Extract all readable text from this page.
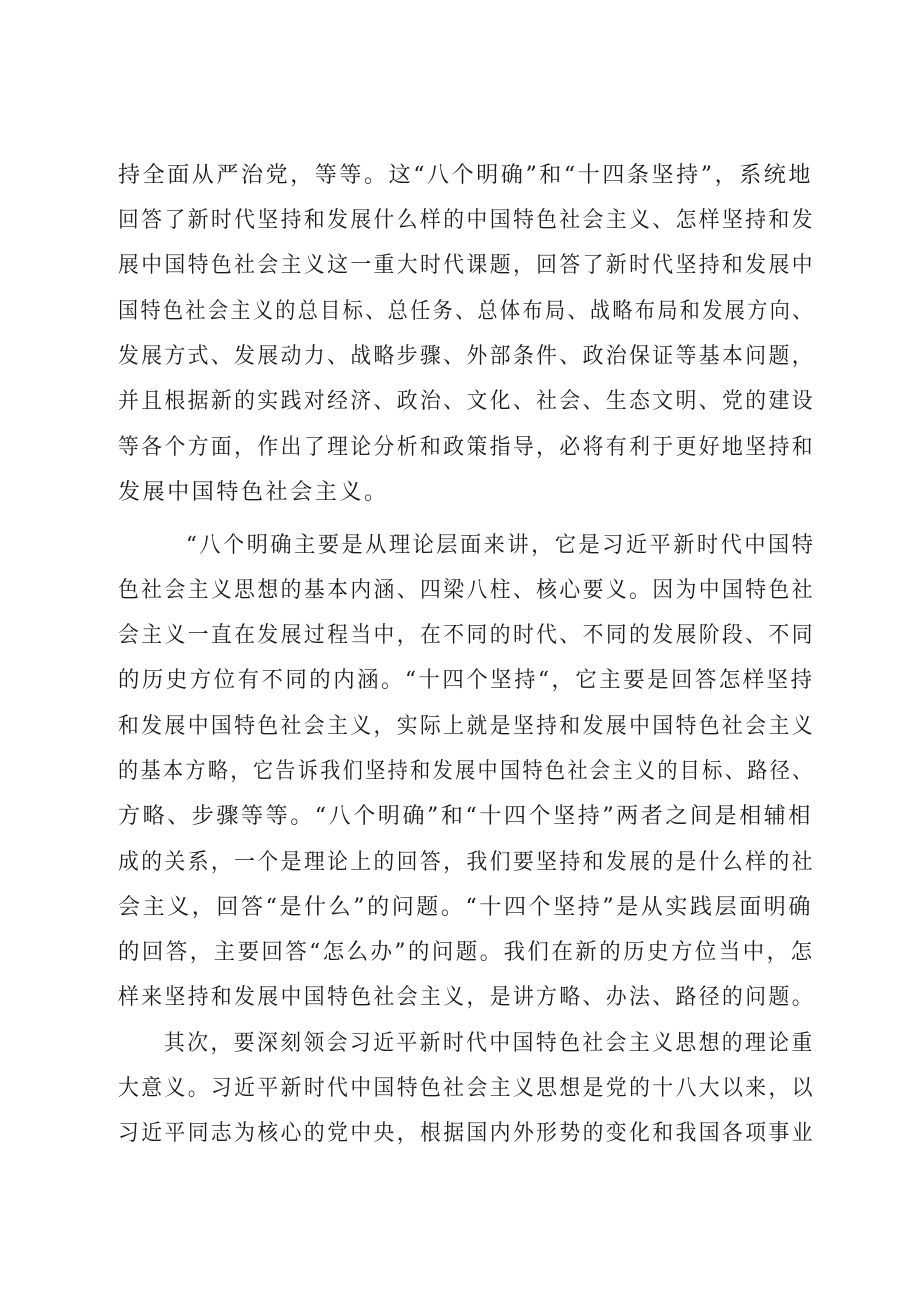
持全面从严治党，等等。这“八个明确”和“十四条坚持”，系统地
回答了新时代坚持和发展什么样的中国特色社会主义、怎样坚持和发
展中国特色社会主义这一重大时代课题，回答了新时代坚持和发展中
国特色社会主义的总目标、总任务、总体布局、战略布局和发展方向、
发展方式、发展动力、战略步骤、外部条件、政治保证等基本问题，
并且根据新的实践对经济、政治、文化、社会、生态文明、党的建设
等各个方面，作出了理论分析和政策指导，必将有利于更好地坚持和
发展中国特色社会主义。
“八个明确主要是从理论层面来讲，它是习近平新时代中国特
色社会主义思想的基本内涵、四梁八柱、核心要义。因为中国特色社
会主义一直在发展过程当中，在不同的时代、不同的发展阶段、不同
的历史方位有不同的内涵。“十四个坚持“，它主要是回答怎样坚持
和发展中国特色社会主义，实际上就是坚持和发展中国特色社会主义
的基本方略，它告诉我们坚持和发展中国特色社会主义的目标、路径、
方略、步骤等等。“八个明确”和“十四个坚持”两者之间是相辅相
成的关系，一个是理论上的回答，我们要坚持和发展的是什么样的社
会主义，回答“是什么”的问题。“十四个坚持”是从实践层面明确
的回答，主要回答“怎么办”的问题。我们在新的历史方位当中，怎
样来坚持和发展中国特色社会主义，是讲方略、办法、路径的问题。
其次，要深刻领会习近平新时代中国特色社会主义思想的理论重
大意义。习近平新时代中国特色社会主义思想是党的十八大以来，以
习近平同志为核心的党中央，根据国内外形势的变化和我国各项事业
